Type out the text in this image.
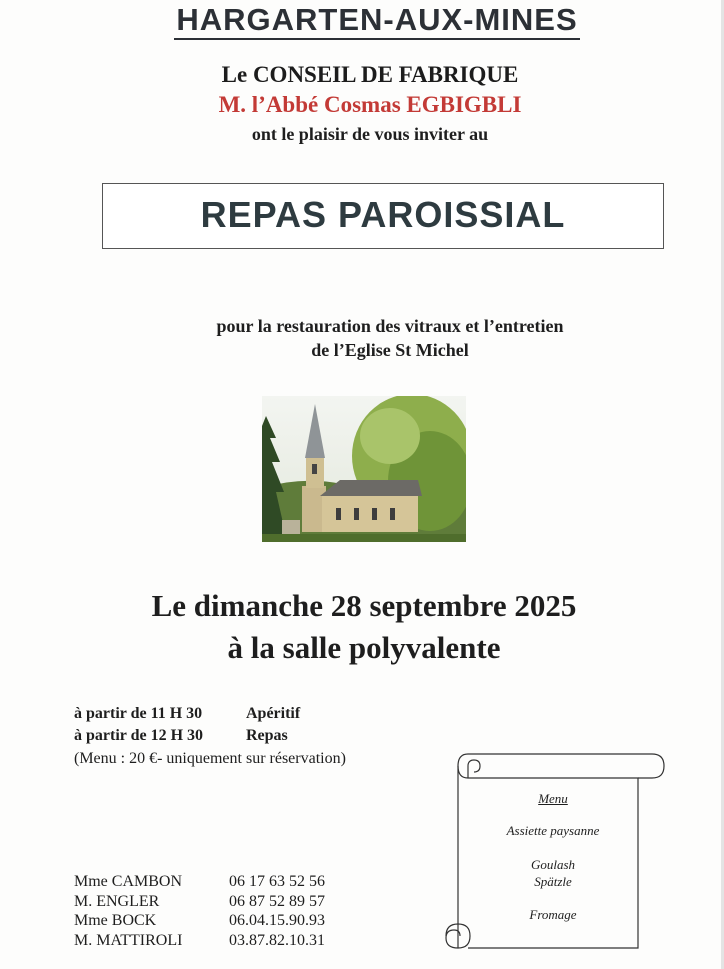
HARGARTEN-AUX-MINES
Le CONSEIL DE FABRIQUE
M. l’Abbé Cosmas EGBIGBLI
ont le plaisir de vous inviter au
REPAS PAROISSIAL
pour la restauration des vitraux et l’entretien
de l’Eglise St Michel
Le dimanche 28 septembre 2025
à la salle polyvalente
à partir de 11 H 30	Apéritif
à partir de 12 H 30	Repas
(Menu : 20 €- uniquement sur réservation)
Mme CAMBON	06 17 63 52 56
M. ENGLER	06 87 52 89 57
Mme BOCK	06.04.15.90.93
M. MATTIROLI	03.87.82.10.31
Menu
Assiette paysanne
Goulash
Spätzle
Fromage
